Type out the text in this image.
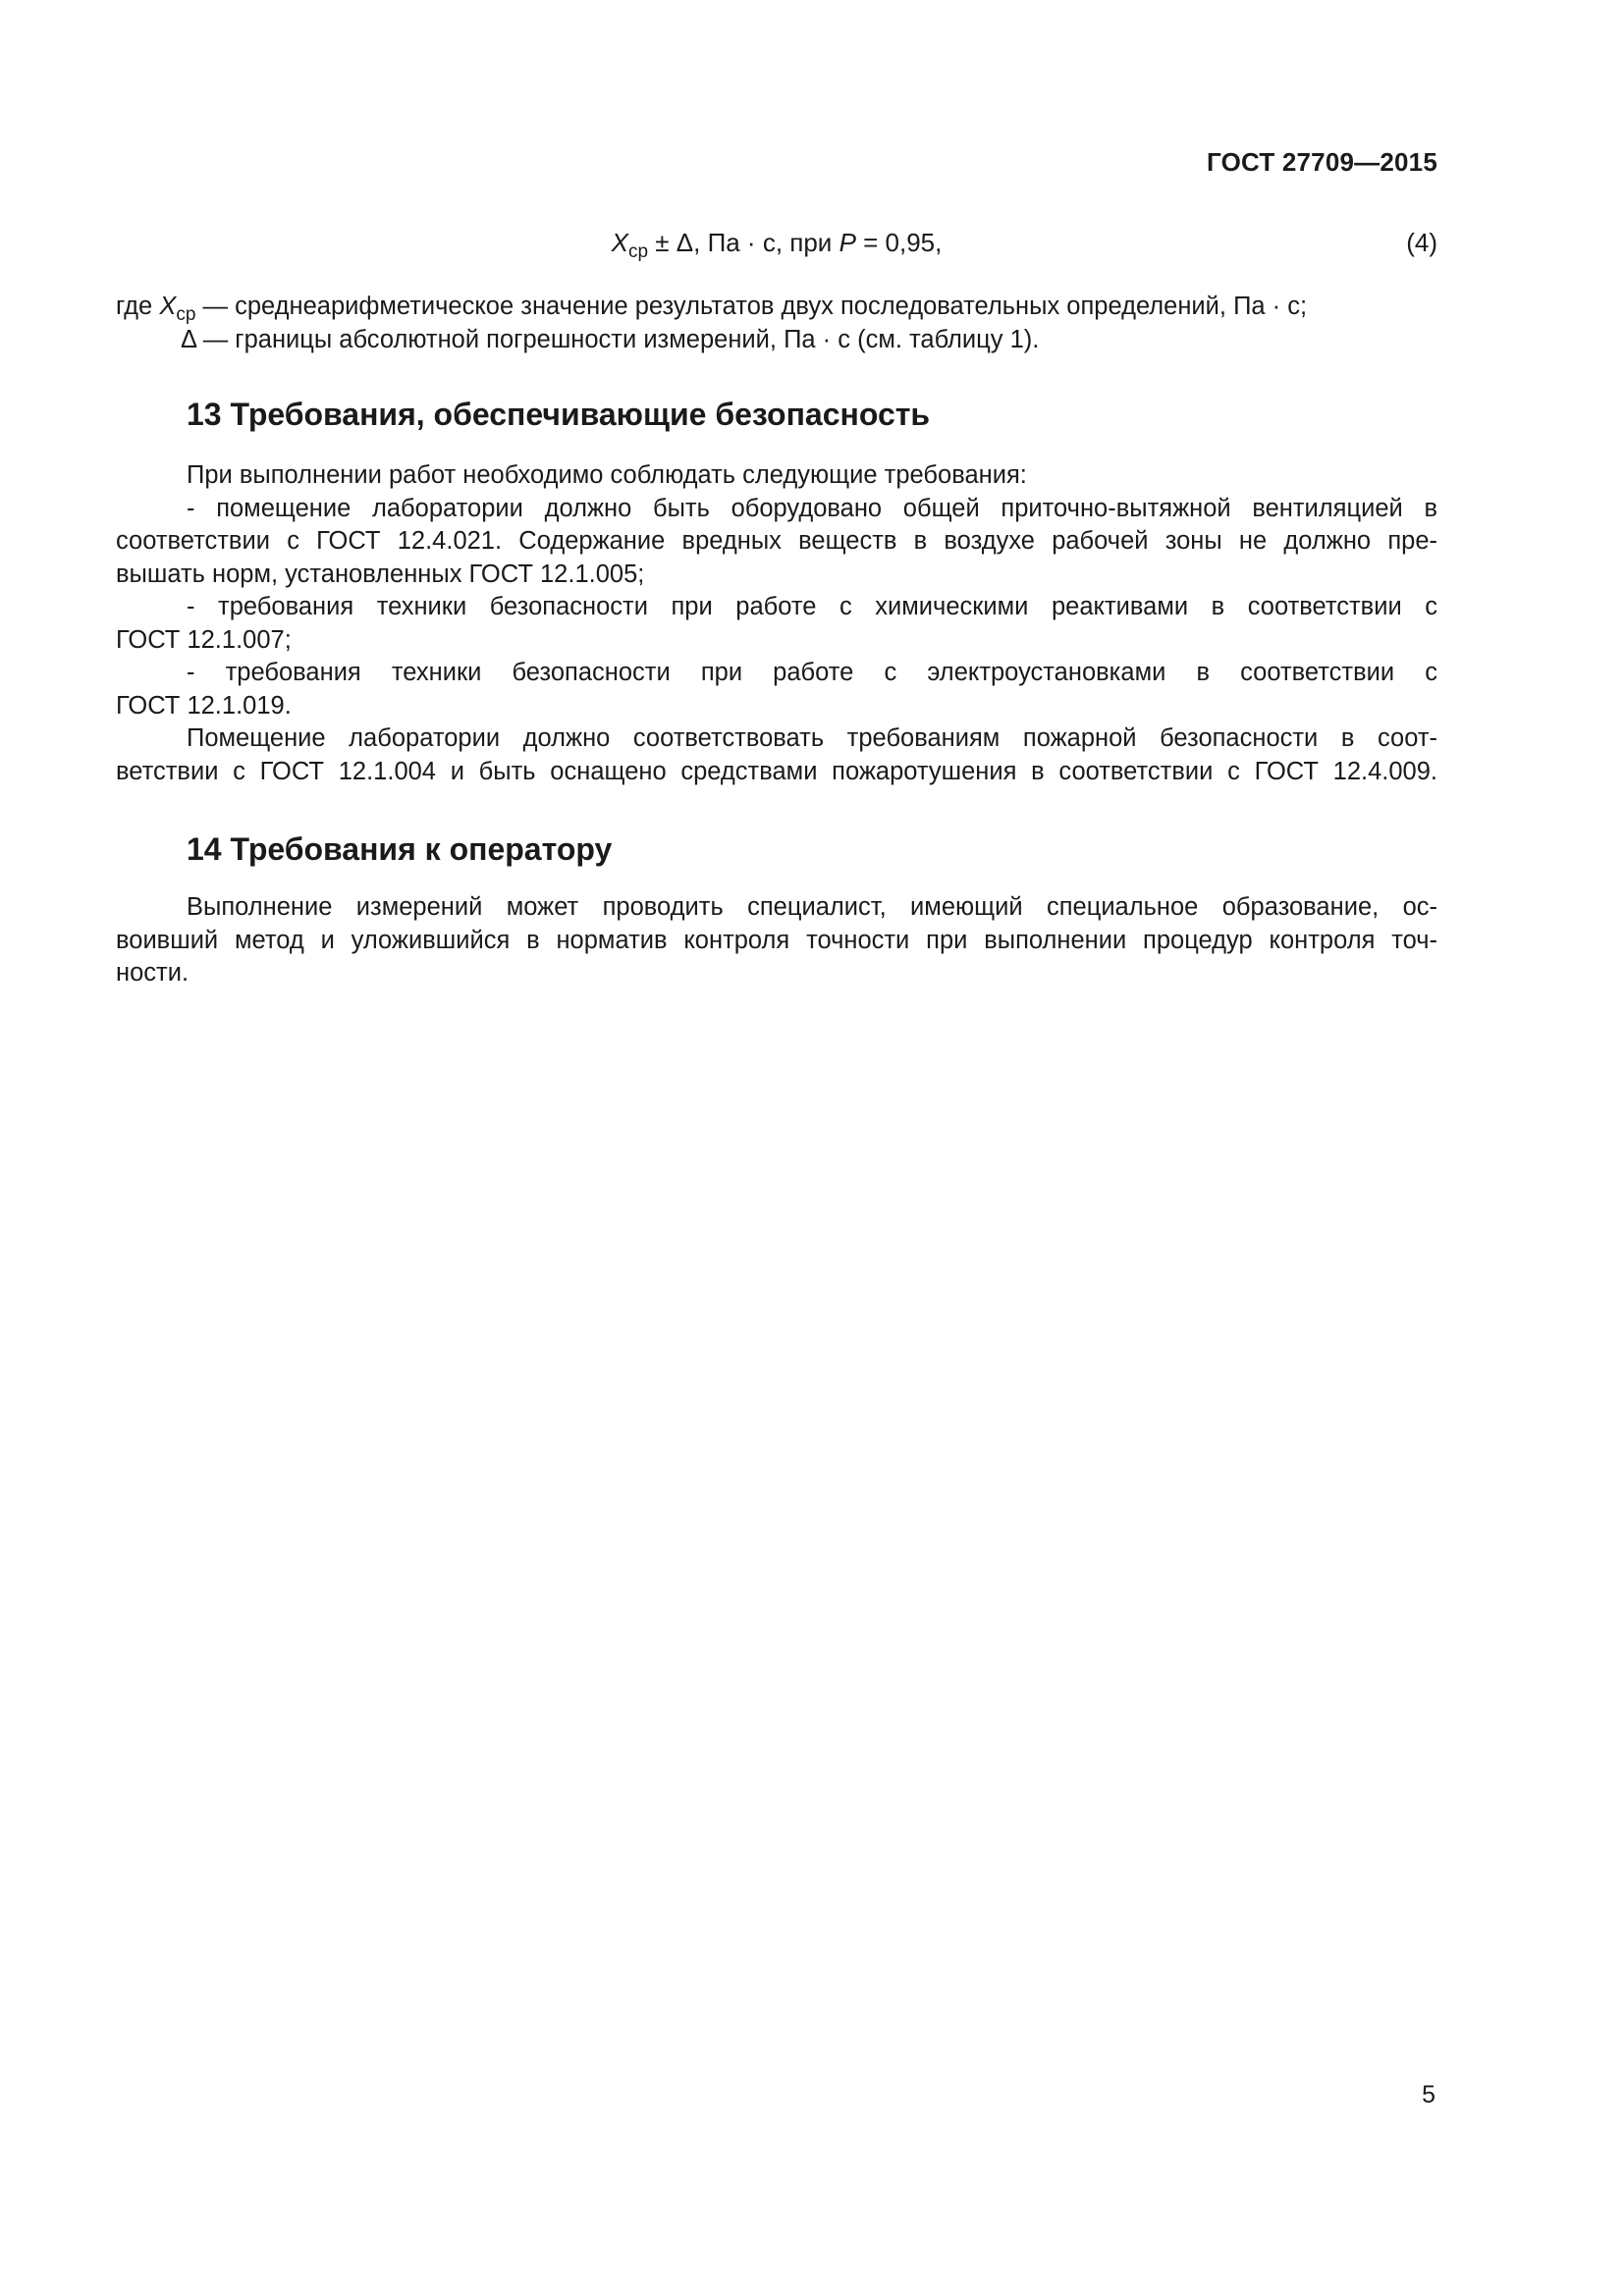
ГОСТ 27709—2015
$X_{ср} \pm \Delta$, Па · с, при P = 0,95,	(4)
где $X_{ср}$ — среднеарифметическое значение результатов двух последовательных определений, Па · с;
Δ — границы абсолютной погрешности измерений, Па · с (см. таблицу 1).
13 Требования, обеспечивающие безопасность
При выполнении работ необходимо соблюдать следующие требования:
- помещение лаборатории должно быть оборудовано общей приточно-вытяжной вентиляцией в
соответствии с ГОСТ 12.4.021. Содержание вредных веществ в воздухе рабочей зоны не должно пре-
вышать норм, установленных ГОСТ 12.1.005;
- требования техники безопасности при работе с химическими реактивами в соответствии с
ГОСТ 12.1.007;
- требования техники безопасности при работе с электроустановками в соответствии с
ГОСТ 12.1.019.
Помещение лаборатории должно соответствовать требованиям пожарной безопасности в соот-
ветствии с ГОСТ 12.1.004 и быть оснащено средствами пожаротушения в соответствии с ГОСТ 12.4.009.
14 Требования к оператору
Выполнение измерений может проводить специалист, имеющий специальное образование, ос-
воивший метод и уложившийся в норматив контроля точности при выполнении процедур контроля точ-
ности.
5
